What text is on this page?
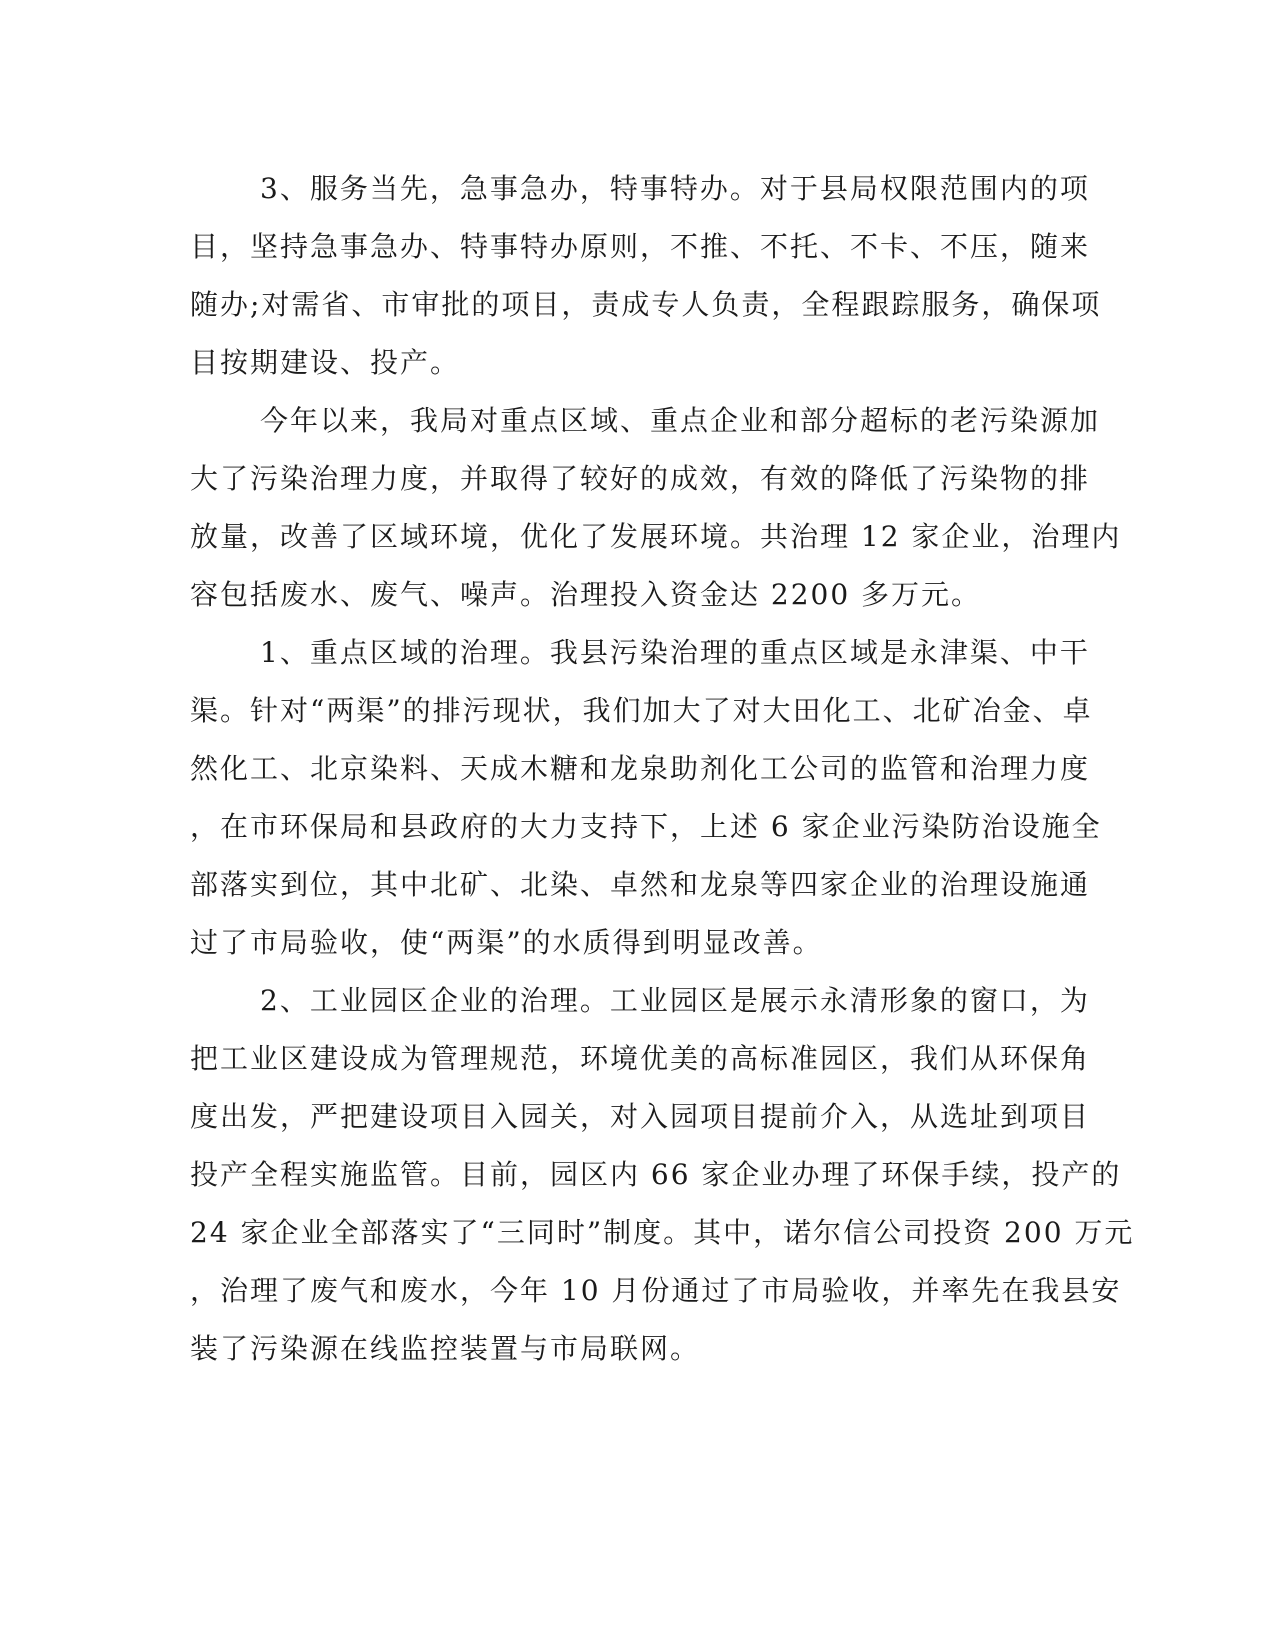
3、服务当先，急事急办，特事特办。对于县局权限范围内的项
目，坚持急事急办、特事特办原则，不推、不托、不卡、不压，随来
随办;对需省、市审批的项目，责成专人负责，全程跟踪服务，确保项
目按期建设、投产。
今年以来，我局对重点区域、重点企业和部分超标的老污染源加
大了污染治理力度，并取得了较好的成效，有效的降低了污染物的排
放量，改善了区域环境，优化了发展环境。共治理 12 家企业，治理内
容包括废水、废气、噪声。治理投入资金达 2200 多万元。
1、重点区域的治理。我县污染治理的重点区域是永津渠、中干
渠。针对“两渠”的排污现状，我们加大了对大田化工、北矿冶金、卓
然化工、北京染料、天成木糖和龙泉助剂化工公司的监管和治理力度
，在市环保局和县政府的大力支持下，上述 6 家企业污染防治设施全
部落实到位，其中北矿、北染、卓然和龙泉等四家企业的治理设施通
过了市局验收，使“两渠”的水质得到明显改善。
2、工业园区企业的治理。工业园区是展示永清形象的窗口，为
把工业区建设成为管理规范，环境优美的高标准园区，我们从环保角
度出发，严把建设项目入园关，对入园项目提前介入，从选址到项目
投产全程实施监管。目前，园区内 66 家企业办理了环保手续，投产的
24 家企业全部落实了“三同时”制度。其中，诺尔信公司投资 200 万元
，治理了废气和废水，今年 10 月份通过了市局验收，并率先在我县安
装了污染源在线监控装置与市局联网。
